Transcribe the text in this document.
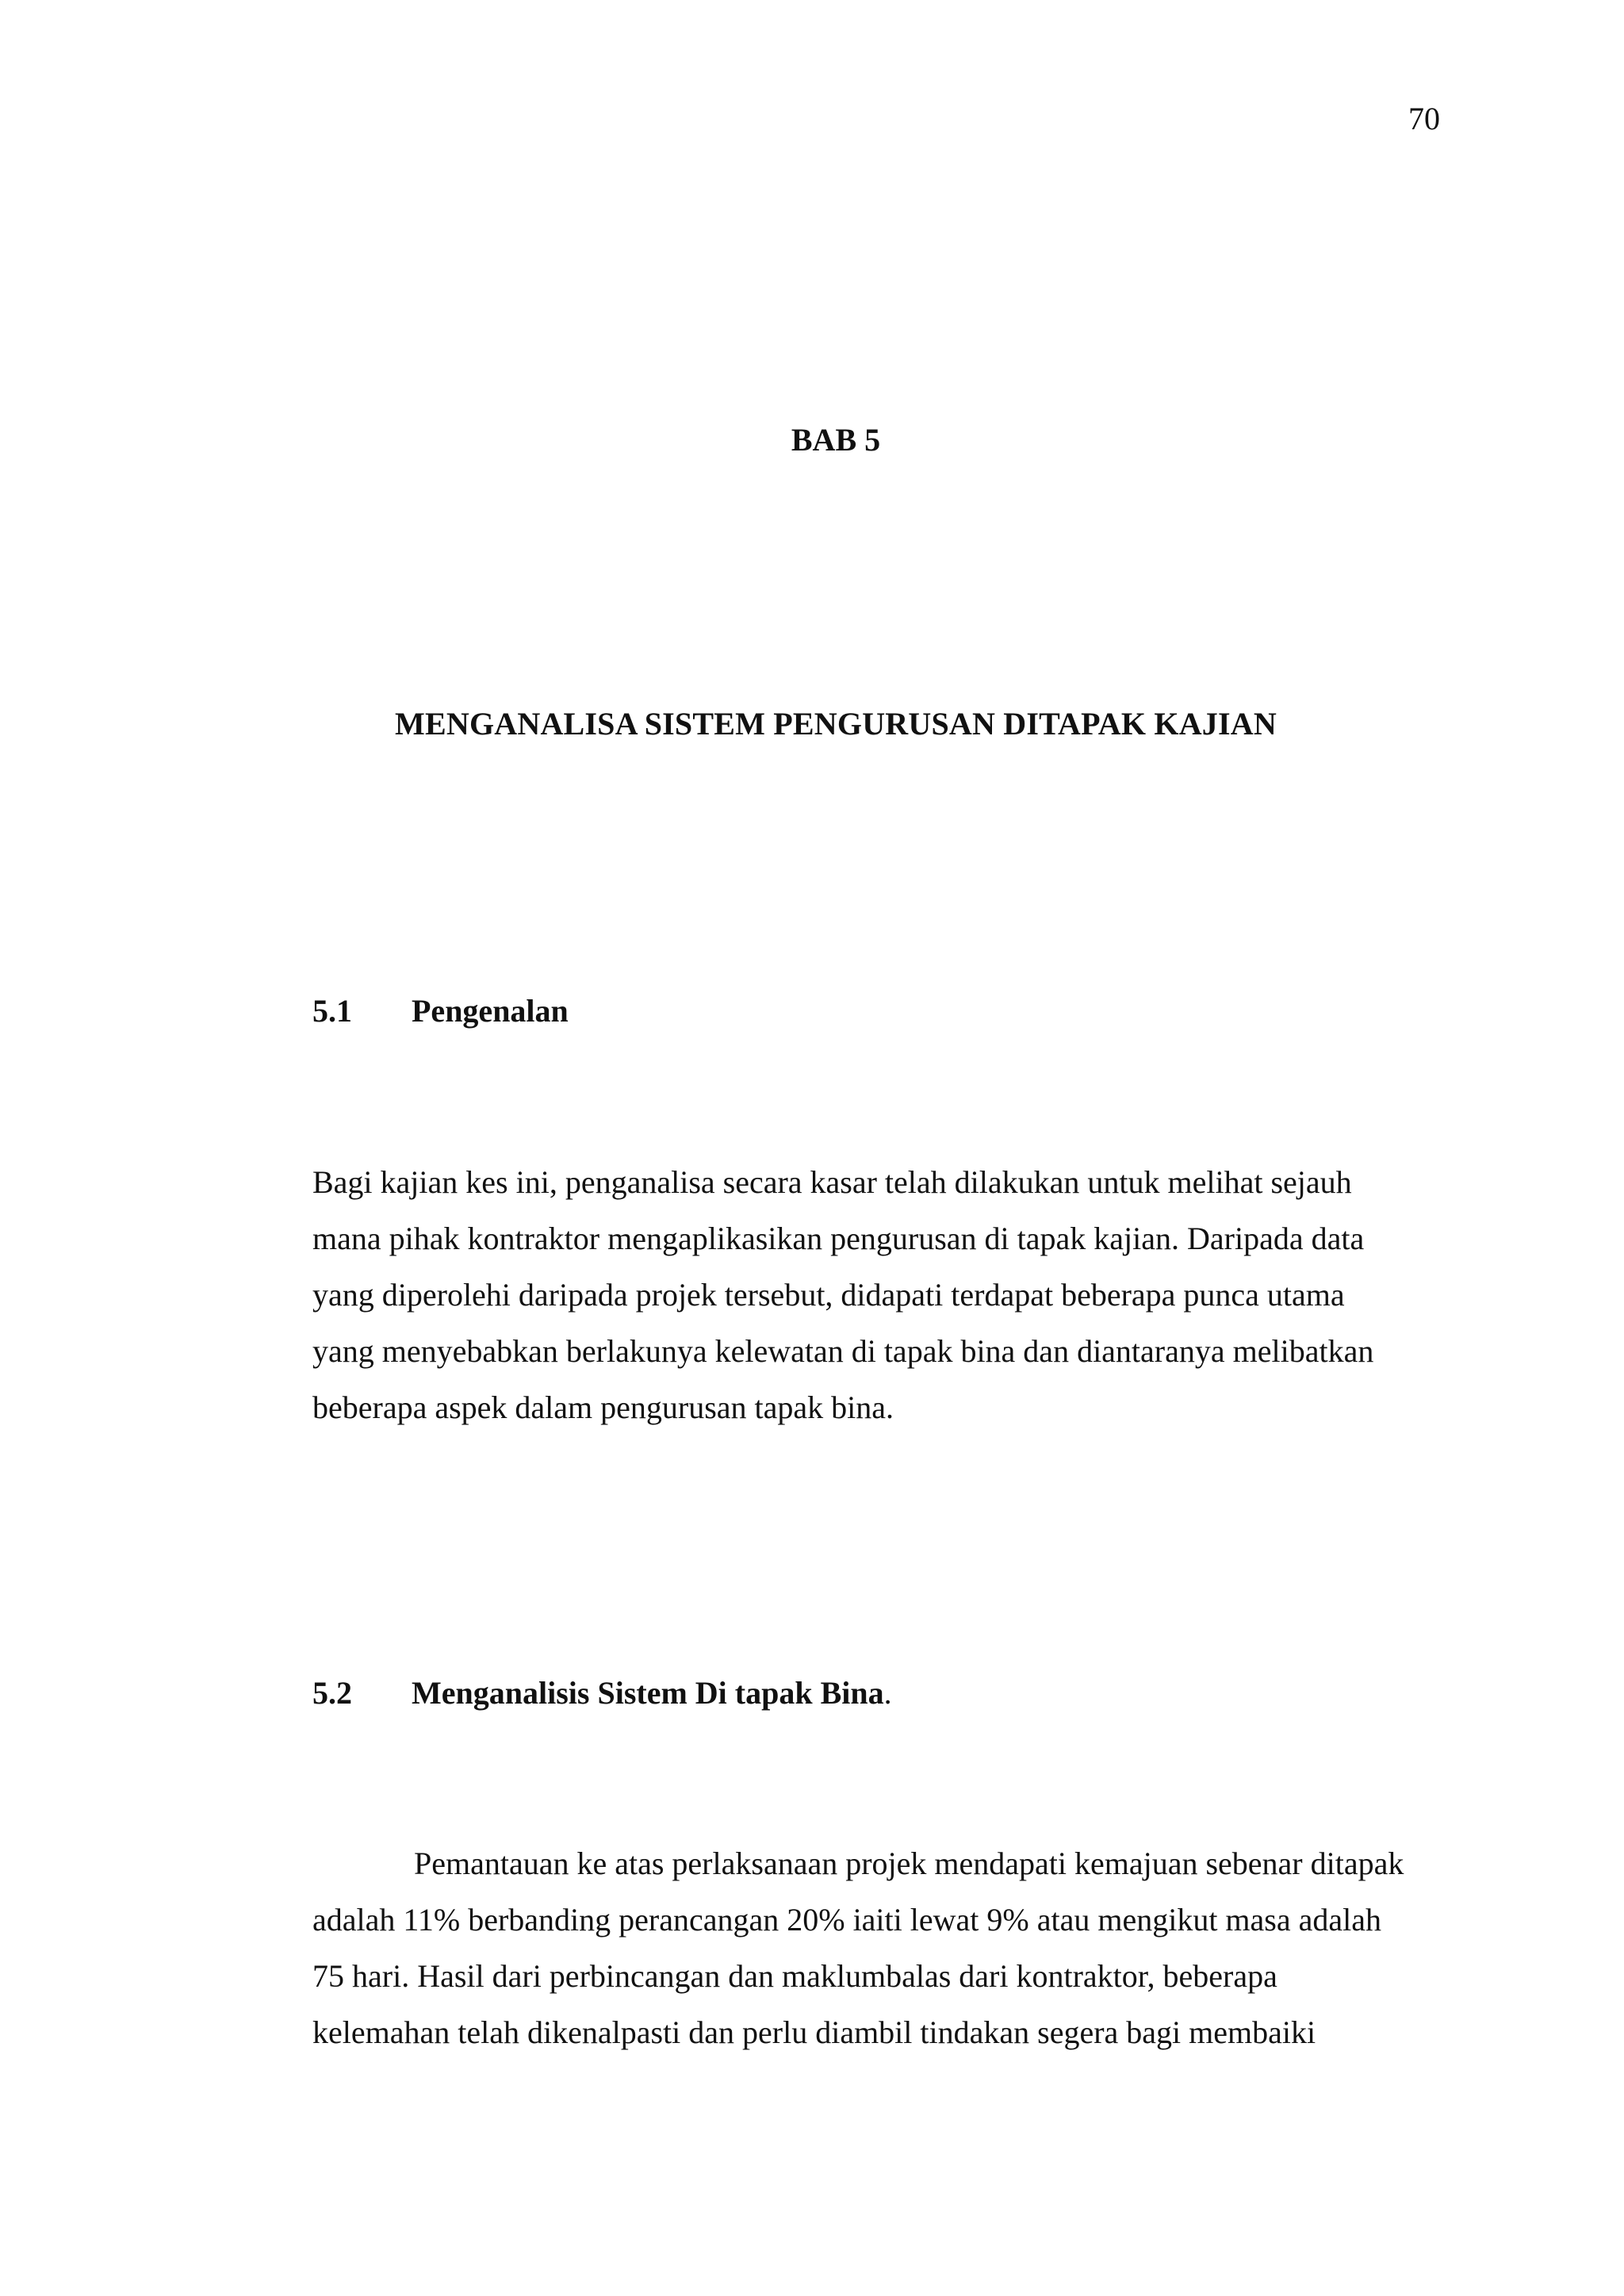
70
BAB 5
MENGANALISA SISTEM PENGURUSAN DITAPAK KAJIAN
5.1 Pengenalan
Bagi kajian kes ini, penganalisa secara kasar telah dilakukan untuk melihat sejauh
mana pihak kontraktor mengaplikasikan pengurusan di tapak kajian. Daripada data
yang diperolehi daripada projek tersebut, didapati terdapat beberapa punca utama
yang menyebabkan berlakunya kelewatan di tapak bina dan diantaranya melibatkan
beberapa aspek dalam pengurusan tapak bina.
5.2 Menganalisis Sistem Di tapak Bina.
Pemantauan ke atas perlaksanaan projek mendapati kemajuan sebenar ditapak
adalah 11% berbanding perancangan 20% iaiti lewat 9% atau mengikut masa adalah
75 hari. Hasil dari perbincangan dan maklumbalas dari kontraktor, beberapa
kelemahan telah dikenalpasti dan perlu diambil tindakan segera bagi membaiki
